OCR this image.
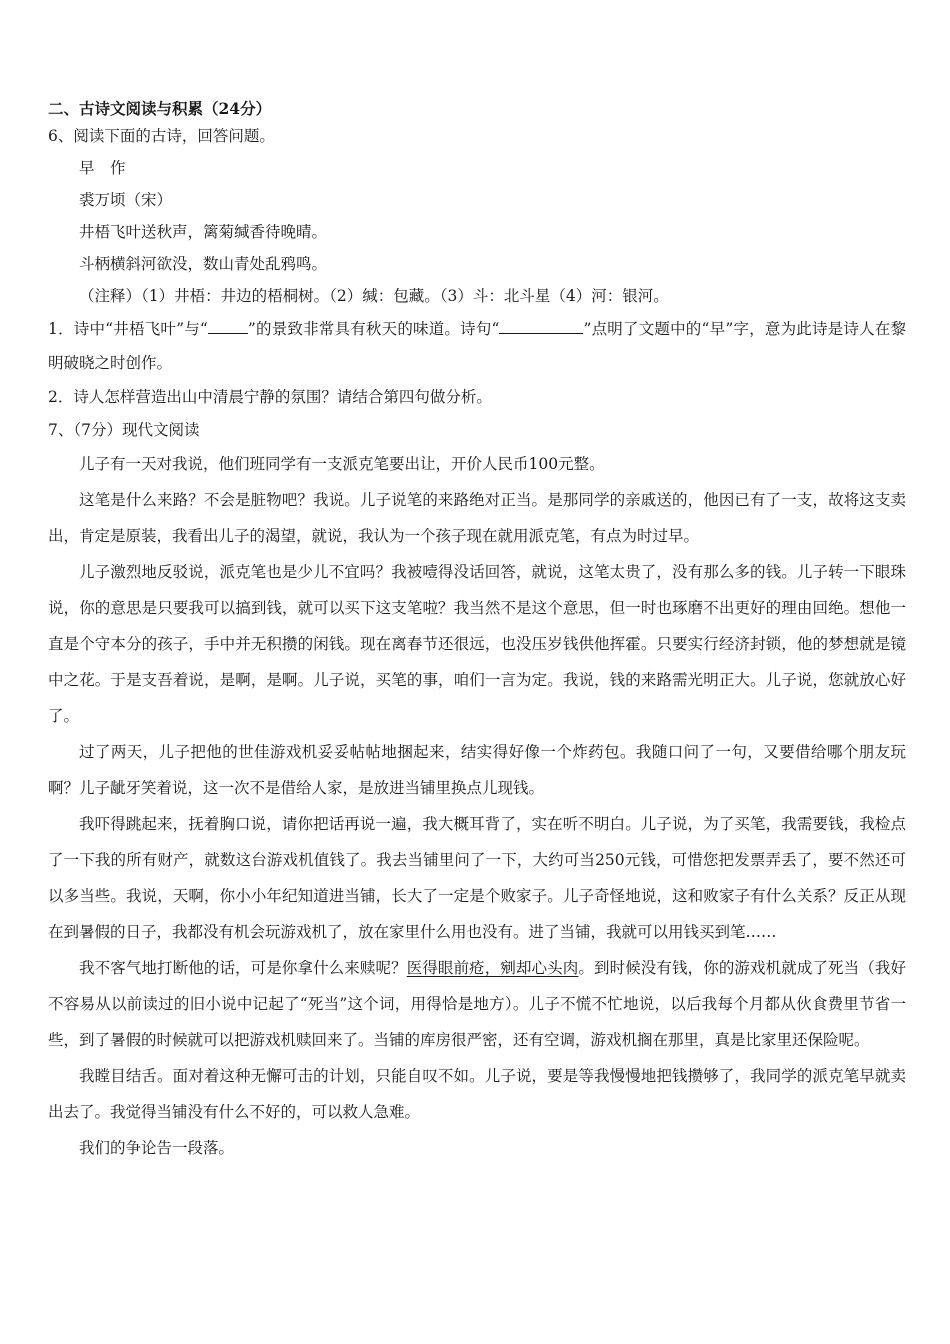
二、古诗文阅读与积累（24分）

6、阅读下面的古诗，回答问题。

早　作

裘万顷（宋）

井梧飞叶送秋声，篱菊缄香待晚晴。

斗柄横斜河欲没，数山青处乱鸦鸣。

（注释）（1）井梧：井边的梧桐树。（2）缄：包藏。（3）斗：北斗星（4）河：银河。

1．诗中“井梧飞叶”与“	”的景致非常具有秋天的味道。诗句“	”点明了文题中的“早”字，意为此诗是诗人在黎明破晓之时创作。

2．诗人怎样营造出山中清晨宁静的氛围？请结合第四句做分析。

7、（7分）现代文阅读

儿子有一天对我说，他们班同学有一支派克笔要出让，开价人民币100元整。

这笔是什么来路？不会是脏物吧？我说。儿子说笔的来路绝对正当。是那同学的亲戚送的，他因已有了一支，故将这支卖出，肯定是原装，我看出儿子的渴望，就说，我认为一个孩子现在就用派克笔，有点为时过早。

儿子激烈地反驳说，派克笔也是少儿不宜吗？我被噎得没话回答，就说，这笔太贵了，没有那么多的钱。儿子转一下眼珠说，你的意思是只要我可以搞到钱，就可以买下这支笔啦？我当然不是这个意思，但一时也琢磨不出更好的理由回绝。想他一直是个守本分的孩子，手中并无积攒的闲钱。现在离春节还很远，也没压岁钱供他挥霍。只要实行经济封锁，他的梦想就是镜中之花。于是支吾着说，是啊，是啊。儿子说，买笔的事，咱们一言为定。我说，钱的来路需光明正大。儿子说，您就放心好了。

过了两天，儿子把他的世佳游戏机妥妥帖帖地捆起来，结实得好像一个炸药包。我随口问了一句，又要借给哪个朋友玩啊？儿子龇牙笑着说，这一次不是借给人家，是放进当铺里换点儿现钱。

我吓得跳起来，抚着胸口说，请你把话再说一遍，我大概耳背了，实在听不明白。儿子说，为了买笔，我需要钱，我检点了一下我的所有财产，就数这台游戏机值钱了。我去当铺里问了一下，大约可当250元钱，可惜您把发票弄丢了，要不然还可以多当些。我说，天啊，你小小年纪知道进当铺，长大了一定是个败家子。儿子奇怪地说，这和败家子有什么关系？反正从现在到暑假的日子，我都没有机会玩游戏机了，放在家里什么用也没有。进了当铺，我就可以用钱买到笔……

我不客气地打断他的话，可是你拿什么来赎呢？医得眼前疮，剜却心头肉。到时候没有钱，你的游戏机就成了死当（我好不容易从以前读过的旧小说中记起了“死当”这个词，用得恰是地方）。儿子不慌不忙地说，以后我每个月都从伙食费里节省一些，到了暑假的时候就可以把游戏机赎回来了。当铺的库房很严密，还有空调，游戏机搁在那里，真是比家里还保险呢。

我瞠目结舌。面对着这种无懈可击的计划，只能自叹不如。儿子说，要是等我慢慢地把钱攒够了，我同学的派克笔早就卖出去了。我觉得当铺没有什么不好的，可以救人急难。

我们的争论告一段落。
